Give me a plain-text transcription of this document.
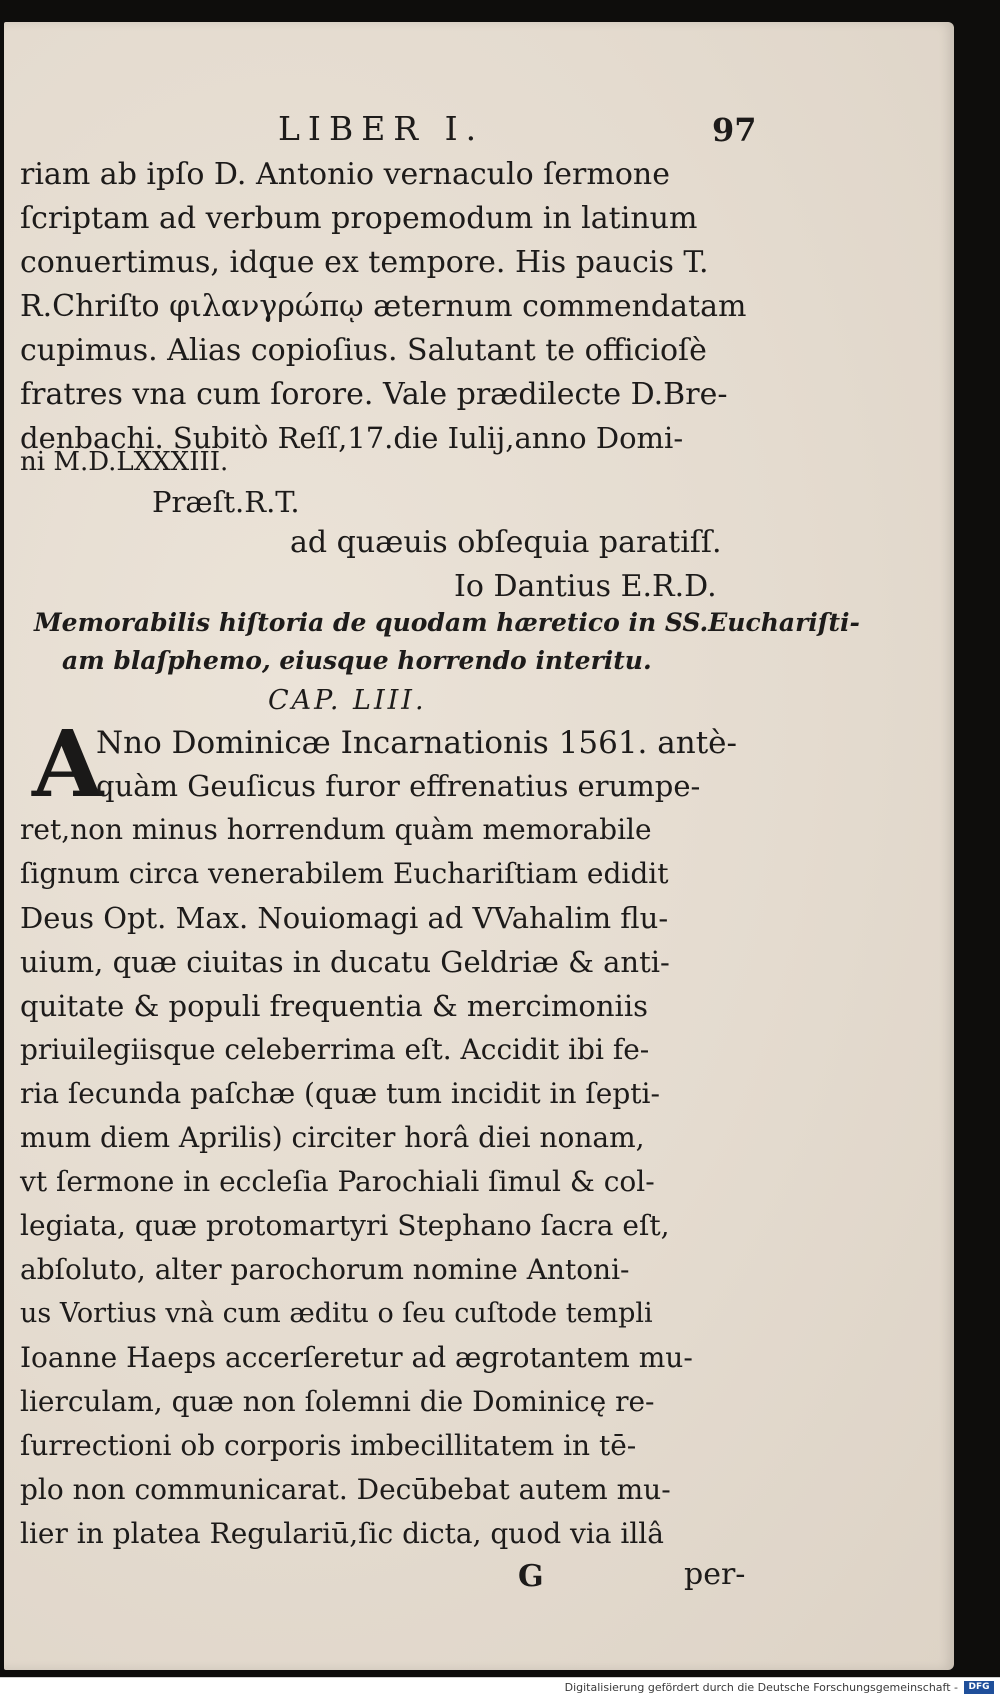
LIBER I.	97
riam ab ipſo D. Antonio vernaculo ſermone
ſcriptam ad verbum propemodum in latinum
conuertimus, idque ex tempore. His paucis T.
R.Chriſto φιλανγρώπῳ æternum commendatam
cupimus. Alias copioſius. Salutant te officioſè
fratres vna cum ſorore. Vale prædilecte D.Bre-
denbachi. Subitò Reſſ,17.die Iulij,anno Domi-
ni M.D.LXXXIII.
Præſt.R.T.
ad quæuis obſequia paratiſſ.
Io Dantius E.R.D.
Memorabilis hiſtoria de quodam hæretico in SS.Euchariſti-
am blaſphemo, eiusque horrendo interitu.
CAP. LIII.
A
Nno Dominicæ Incarnationis 1561. antè-
quàm Geuſicus furor effrenatius erumpe-
ret,non minus horrendum quàm memorabile
ſignum circa venerabilem Euchariſtiam edidit
Deus Opt. Max. Nouiomagi ad VVahalim flu-
uium, quæ ciuitas in ducatu Geldriæ & anti-
quitate & populi frequentia & mercimoniis
priuilegiisque celeberrima eſt. Accidit ibi fe-
ria ſecunda paſchæ (quæ tum incidit in ſepti-
mum diem Aprilis) circiter horâ diei nonam,
vt ſermone in eccleſia Parochiali ſimul & col-
legiata, quæ protomartyri Stephano ſacra eſt,
abſoluto, alter parochorum nomine Antoni-
us Vortius vnà cum æditu o ſeu cuſtode templi
Ioanne Haeps accerſeretur ad ægrotantem mu-
lierculam, quæ non ſolemni die Dominicę re-
ſurrectioni ob corporis imbecillitatem in tē-
plo non communicarat. Decūbebat autem mu-
lier in platea Regulariū,ſic dicta, quod via illâ
G	per-
Digitalisierung gefördert durch die Deutsche Forschungsgemeinschaft -	DFG
